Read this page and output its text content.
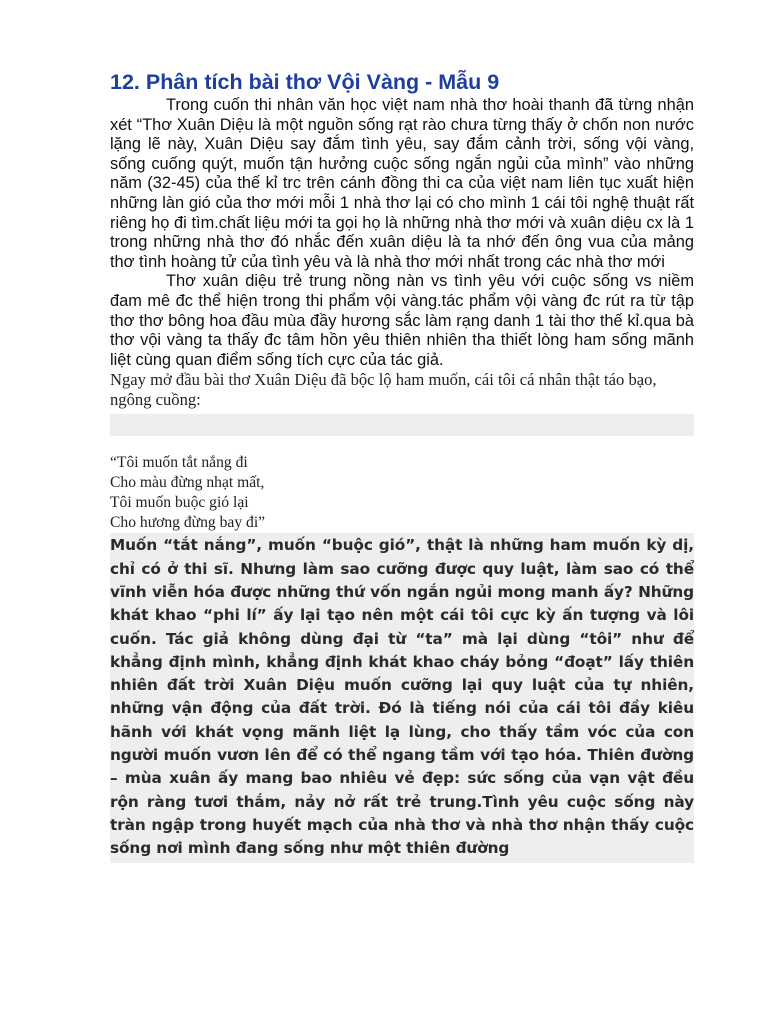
12. Phân tích bài thơ Vội Vàng - Mẫu 9

Trong cuốn thi nhân văn học việt nam nhà thơ hoài thanh đã từng nhận xét “Thơ Xuân Diệu là một nguồn sống rạt rào chưa từng thấy ở chốn non nước lặng lẽ này, Xuân Diệu say đắm tình yêu, say đắm cảnh trời, sống vội vàng, sống cuống quýt, muốn tận hưởng cuộc sống ngắn ngủi của mình” vào những năm (32-45) của thế kỉ trc trên cánh đồng thi ca của việt nam liên tục xuất hiện những làn gió của thơ mới mỗi 1 nhà thơ lại có cho mình 1 cái tôi nghệ thuật rất riêng họ đi tìm.chất liệu mới ta gọi họ là những nhà thơ mới và xuân diệu cx là 1 trong những nhà thơ đó nhắc đến xuân diệu là ta nhớ đến ông vua của mảng thơ tình hoàng tử của tình yêu và là nhà thơ mới nhất trong các nhà thơ mới

Thơ xuân diệu trẻ trung nồng nàn vs tình yêu với cuộc sống vs niềm đam mê đc thể hiện trong thi phẩm vội vàng.tác phẩm vội vàng đc rút ra từ tập thơ thơ bông hoa đầu mùa đầy hương sắc làm rạng danh 1 tài thơ thế kỉ.qua bà thơ vội vàng ta thấy đc tâm hồn yêu thiên nhiên tha thiết lòng ham sống mãnh liệt cùng quan điểm sống tích cực của tác giả.

Ngay mở đầu bài thơ Xuân Diệu đã bộc lộ ham muốn, cái tôi cá nhân thật táo bạo, ngông cuồng:

“Tôi muốn tắt nắng đi
Cho màu đừng nhạt mất,
Tôi muốn buộc gió lại
Cho hương đừng bay đi”

Muốn “tắt nắng”, muốn “buộc gió”, thật là những ham muốn kỳ dị, chỉ có ở thi sĩ. Nhưng làm sao cưỡng được quy luật, làm sao có thể vĩnh viễn hóa được những thứ vốn ngắn ngủi mong manh ấy? Những khát khao “phi lí” ấy lại tạo nên một cái tôi cực kỳ ấn tượng và lôi cuốn. Tác giả không dùng đại từ “ta” mà lại dùng “tôi” như để khẳng định mình, khẳng định khát khao cháy bỏng “đoạt” lấy thiên nhiên đất trời Xuân Diệu muốn cưỡng lại quy luật của tự nhiên, những vận động của đất trời. Đó là tiếng nói của cái tôi đầy kiêu hãnh với khát vọng mãnh liệt lạ lùng, cho thấy tầm vóc của con người muốn vươn lên để có thể ngang tầm với tạo hóa. Thiên đường – mùa xuân ấy mang bao nhiêu vẻ đẹp: sức sống của vạn vật đều rộn ràng tươi thắm, nảy nở rất trẻ trung.Tình yêu cuộc sống này tràn ngập trong huyết mạch của nhà thơ và nhà thơ nhận thấy cuộc sống nơi mình đang sống như một thiên đường
